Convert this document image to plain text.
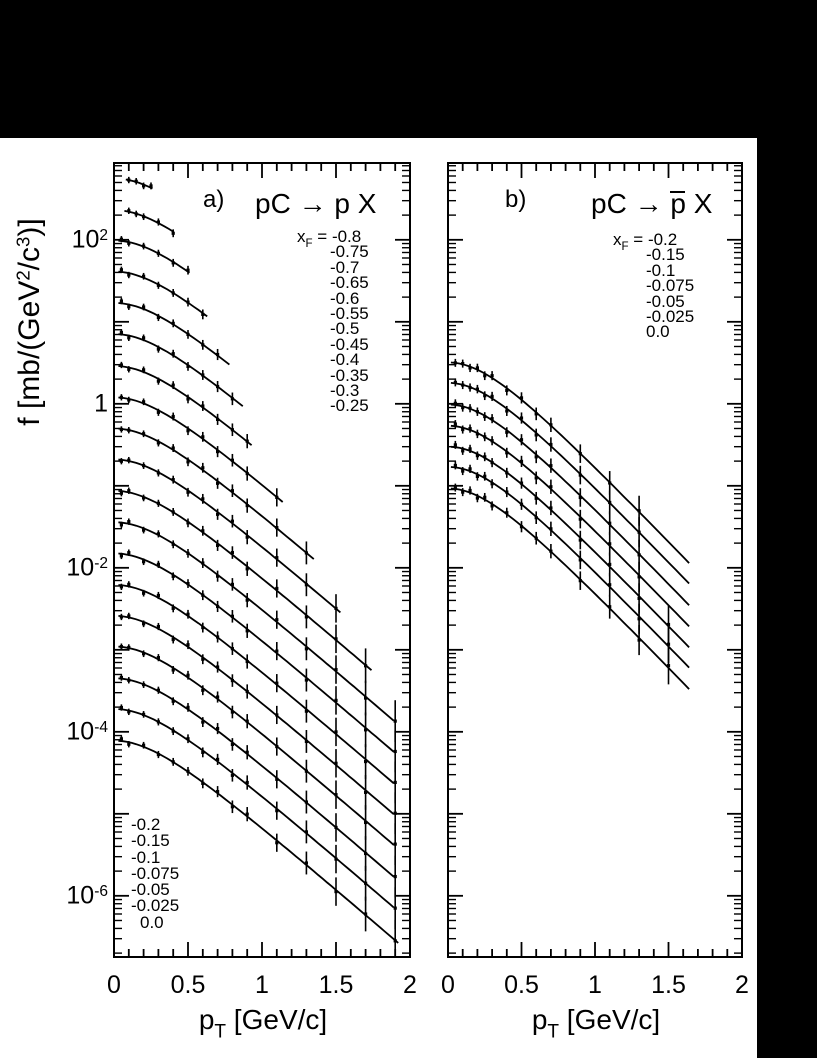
f $[mb/(GeV^2/c^3)]$
$p_T$ [GeV/c]	$p_T$ [GeV/c]
a)	b)
pC → p X	pC → p X
$x_F = -0.8$
-0.75
-0.7
-0.65
-0.6
-0.55
-0.5
-0.45
-0.4
-0.35
-0.3
-0.25
$x_F = -0.2$
-0.15
-0.1
-0.075
-0.05
-0.025
0.0
-0.2
-0.15
-0.1
-0.075
-0.05
-0.025
0.0
0 0.5 1 1.5 2 0 0.5 1 1.5 2
$10^2$
1
$10^{-2}$
$10^{-4}$
$10^{-6}$
